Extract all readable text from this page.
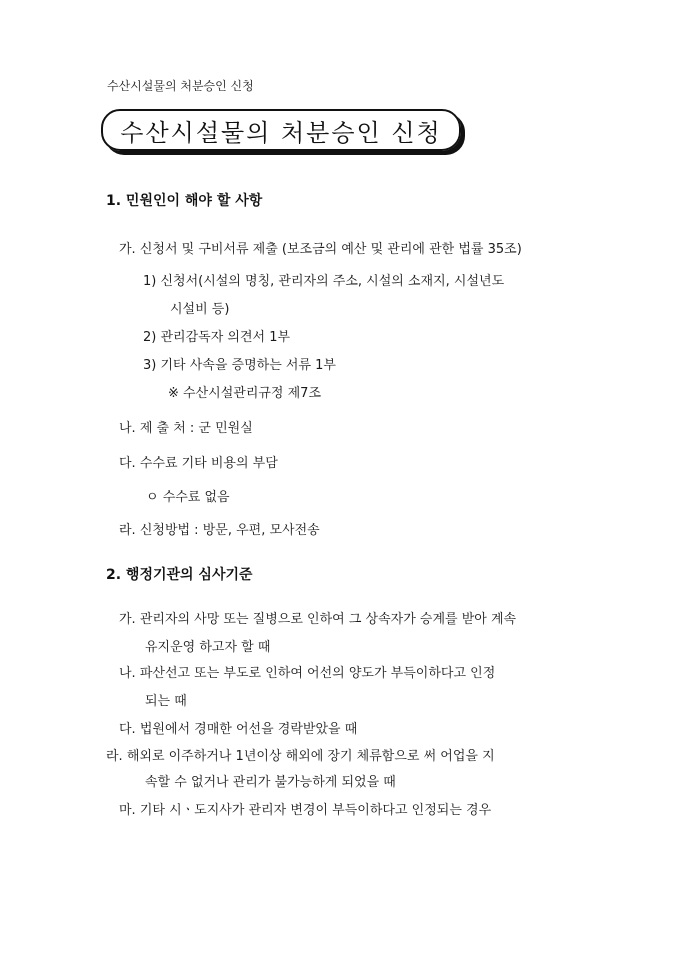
수산시설물의 처분승인 신청
수산시설물의 처분승인 신청
1. 민원인이 해야 할 사항
가. 신청서 및 구비서류 제출 (보조금의 예산 및 관리에 관한 법률 35조)
1) 신청서(시설의 명칭, 관리자의 주소, 시설의 소재지, 시설년도
시설비 등)
2) 관리감독자 의견서 1부
3) 기타 사속을 증명하는 서류 1부
※ 수산시설관리규정 제7조
나. 제 출 처 : 군 민원실
다. 수수료 기타 비용의 부담
ㅇ 수수료 없음
라. 신청방법 : 방문, 우편, 모사전송
2. 행정기관의 심사기준
가. 관리자의 사망 또는 질병으로 인하여 그 상속자가 승계를 받아 계속
유지운영 하고자 할 때
나. 파산선고 또는 부도로 인하여 어선의 양도가 부득이하다고 인정
되는 때
다. 법원에서 경매한 어선을 경락받았을 때
라. 해외로 이주하거나 1년이상 해외에 장기 체류함으로 써 어업을 지
속할 수 없거나 관리가 불가능하게 되었을 때
마. 기타 시ㆍ도지사가 관리자 변경이 부득이하다고 인정되는 경우
